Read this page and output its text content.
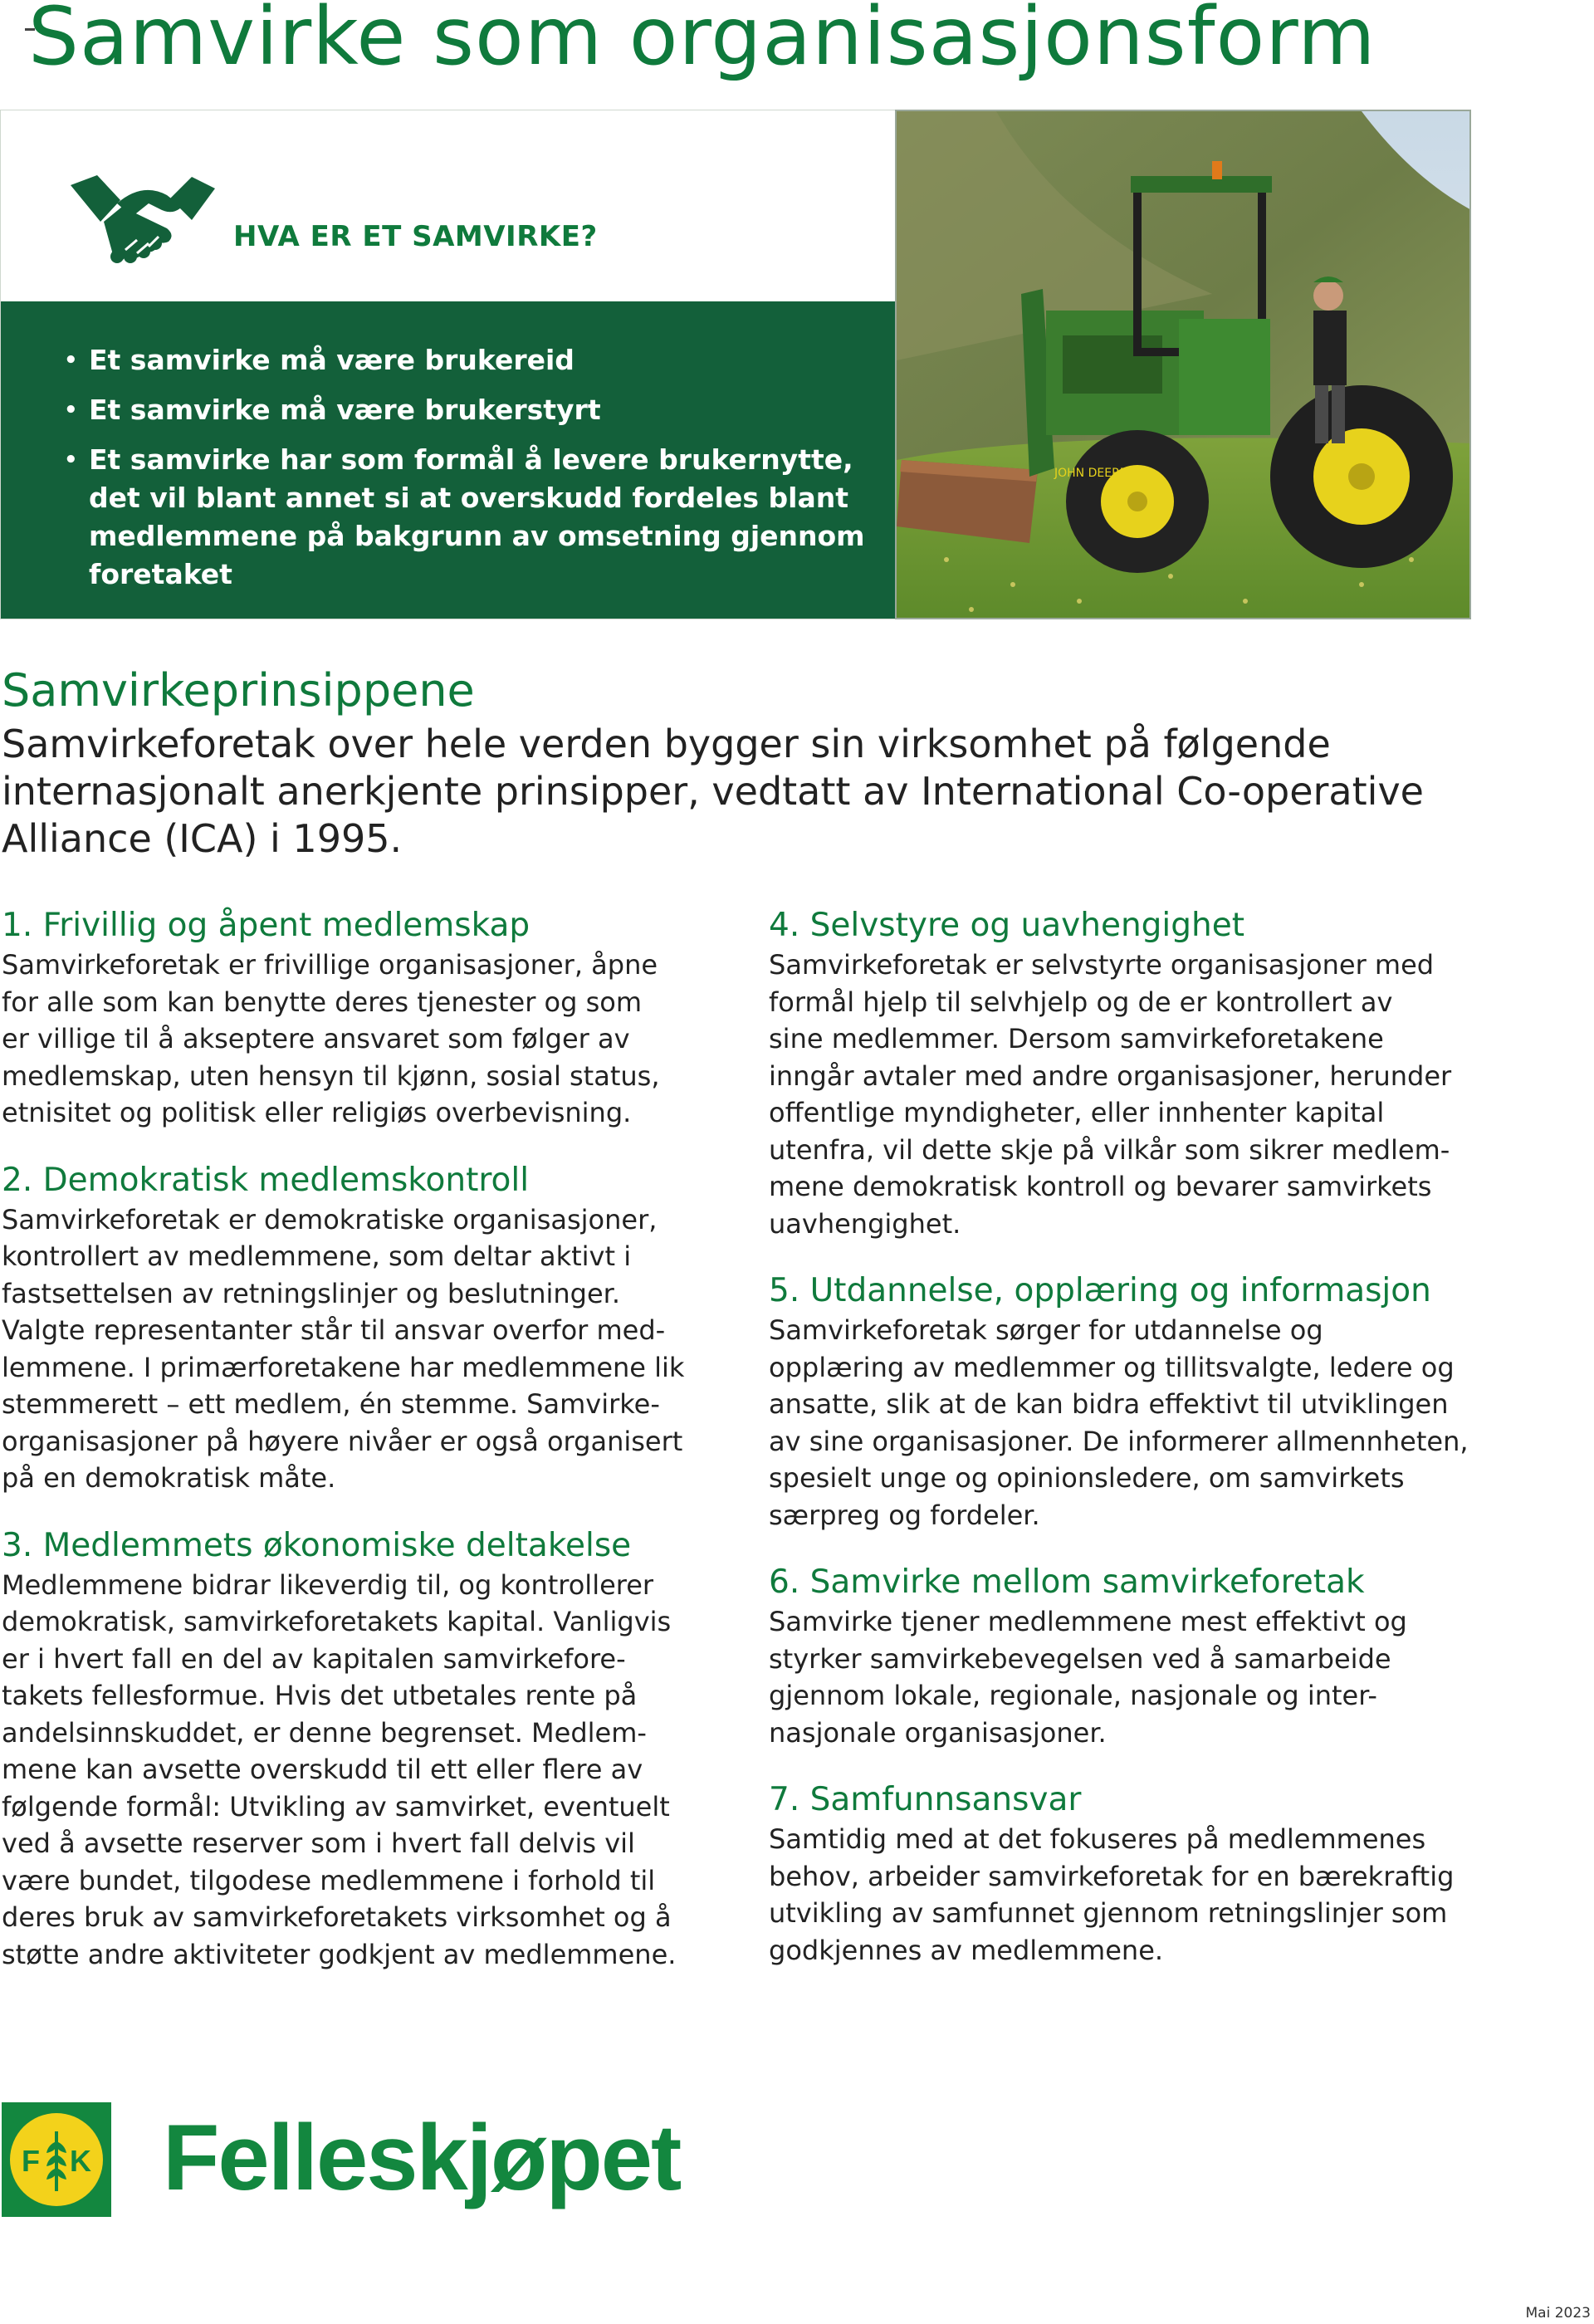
Samvirke som organisasjonsform
HVA ER ET SAMVIRKE?
• Et samvirke må være brukereid
• Et samvirke må være brukerstyrt
• Et samvirke har som formål å levere brukernytte, det vil blant annet si at overskudd fordeles blant medlemmene på bakgrunn av omsetning gjennom foretaket
JOHN DEERE
Samvirkeprinsippene

Samvirkeforetak over hele verden bygger sin virksomhet på følgende internasjonalt anerkjente prinsipper, vedtatt av International Co-operative Alliance (ICA) i 1995.

1. Frivillig og åpent medlemskap

Samvirkeforetak er frivillige organisasjoner, åpne
for alle som kan benytte deres tjenester og som
er villige til å akseptere ansvaret som følger av
medlemskap, uten hensyn til kjønn, sosial status,
etnisitet og politisk eller religiøs overbevisning.

2. Demokratisk medlemskontroll

Samvirkeforetak er demokratiske organisasjoner,
kontrollert av medlemmene, som deltar aktivt i
fastsettelsen av retningslinjer og beslutninger.
Valgte representanter står til ansvar overfor med-
lemmene. I primærforetakene har medlemmene lik
stemmerett – ett medlem, én stemme. Samvirke-
organisasjoner på høyere nivåer er også organisert
på en demokratisk måte.

3. Medlemmets økonomiske deltakelse

Medlemmene bidrar likeverdig til, og kontrollerer
demokratisk, samvirkeforetakets kapital. Vanligvis
er i hvert fall en del av kapitalen samvirkefore-
takets fellesformue. Hvis det utbetales rente på
andelsinnskuddet, er denne begrenset. Medlem-
mene kan avsette overskudd til ett eller flere av
følgende formål: Utvikling av samvirket, eventuelt
ved å avsette reserver som i hvert fall delvis vil
være bundet, tilgodese medlemmene i forhold til
deres bruk av samvirkeforetakets virksomhet og å
støtte andre aktiviteter godkjent av medlemmene.

4. Selvstyre og uavhengighet

Samvirkeforetak er selvstyrte organisasjoner med
formål hjelp til selvhjelp og de er kontrollert av
sine medlemmer. Dersom samvirkeforetakene
inngår avtaler med andre organisasjoner, herunder
offentlige myndigheter, eller innhenter kapital
utenfra, vil dette skje på vilkår som sikrer medlem-
mene demokratisk kontroll og bevarer samvirkets
uavhengighet.

5. Utdannelse, opplæring og informasjon

Samvirkeforetak sørger for utdannelse og
opplæring av medlemmer og tillitsvalgte, ledere og
ansatte, slik at de kan bidra effektivt til utviklingen
av sine organisasjoner. De informerer allmennheten,
spesielt unge og opinionsledere, om samvirkets
særpreg og fordeler.

6. Samvirke mellom samvirkeforetak

Samvirke tjener medlemmene mest effektivt og
styrker samvirkebevegelsen ved å samarbeide
gjennom lokale, regionale, nasjonale og inter-
nasjonale organisasjoner.

7. Samfunnsansvar

Samtidig med at det fokuseres på medlemmenes
behov, arbeider samvirkeforetak for en bærekraftig
utvikling av samfunnet gjennom retningslinjer som
godkjennes av medlemmene.

F K Felleskjøpet
Mai 2023
